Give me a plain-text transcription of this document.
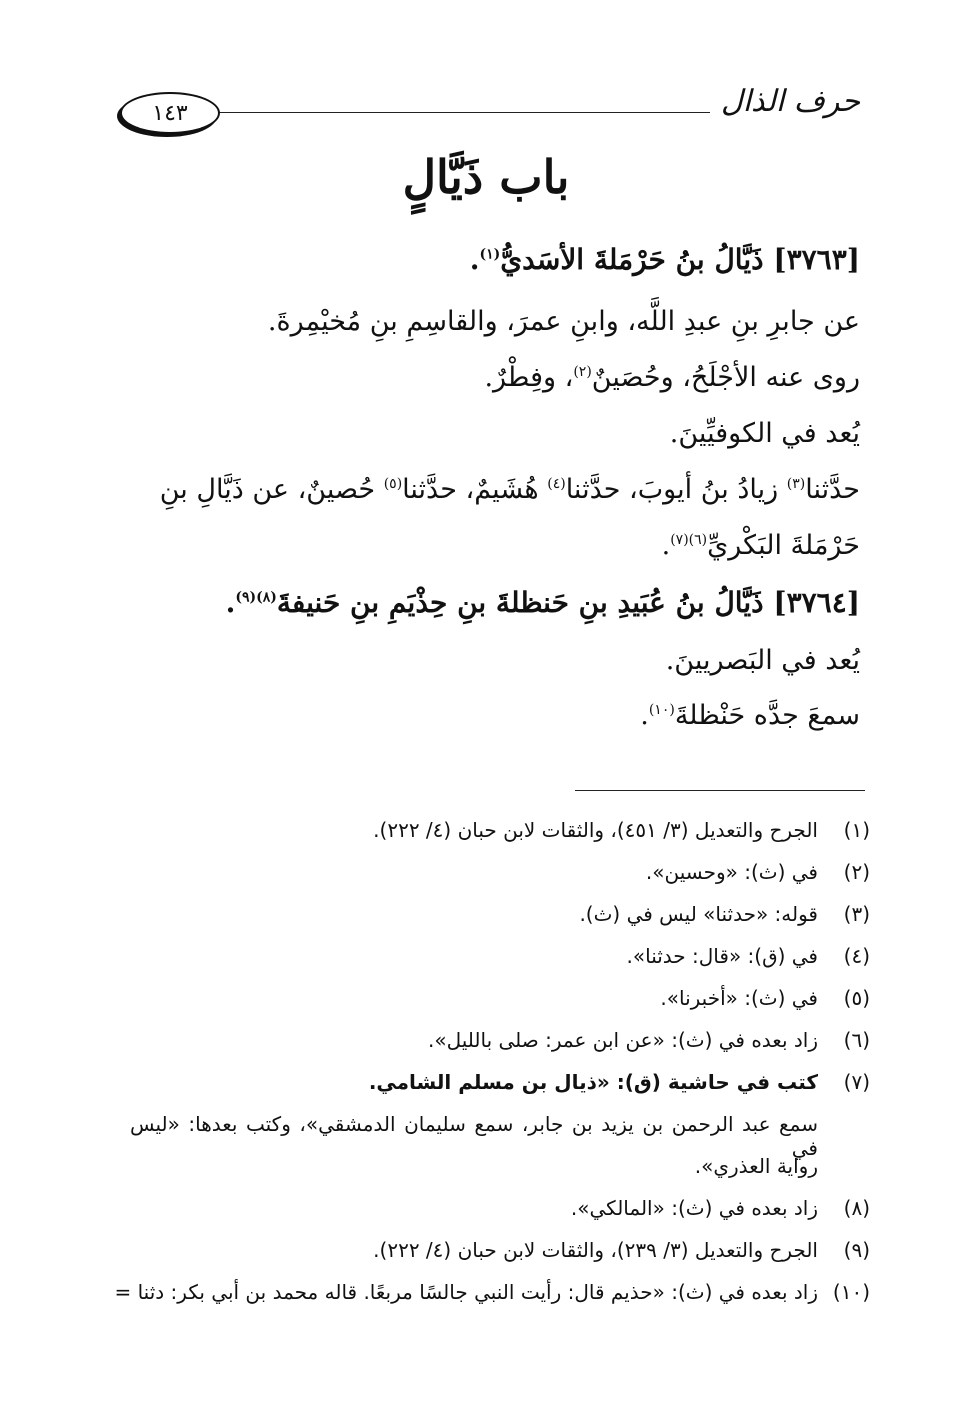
حرف الذال
١٤٣
باب ذَيَّالٍ
[٣٧٦٣] ذَيَّالُ بنُ حَرْمَلةَ الأسَديُّ$^{(١)}$.
عن جابرِ بنِ عبدِ اللَّه، وابنِ عمرَ، والقاسِمِ بنِ مُخيْمِرةَ.
روى عنه الأجْلَحُ، وحُصَينٌ$^{(٢)}$، وفِطْرٌ.
يُعد في الكوفيِّينَ.
حدَّثنا$^{(٣)}$ زيادُ بنُ أيوبَ، حدَّثنا$^{(٤)}$ هُشَيمٌ، حدَّثنا$^{(٥)}$ حُصينٌ، عن ذَيَّالِ بنِ
حَرْمَلةَ البَكْريِّ$^{(٦)(٧)}$.
[٣٧٦٤] ذَيَّالُ بنُ عُبَيدِ بنِ حَنظلةَ بنِ حِذْيَمِ بنِ حَنيفةَ$^{(٨)(٩)}$.
يُعد في البَصريينَ.
سمعَ جدَّه حَنْظلةَ$^{(١٠)}$.
(١)الجرح والتعديل (٣/ ٤٥١)، والثقات لابن حبان (٤/ ٢٢٢).
(٢)في (ث): «وحسين».
(٣)قوله: «حدثنا» ليس في (ث).
(٤)في (ق): «قال: حدثنا».
(٥)في (ث): «أخبرنا».
(٦)زاد بعده في (ث): «عن ابن عمر: صلى بالليل».
(٧)كتب في حاشية (ق): «ذيال بن مسلم الشامي.
سمع عبد الرحمن بن يزيد بن جابر، سمع سليمان الدمشقي»، وكتب بعدها: «ليس في
رواية العذري».
(٨)زاد بعده في (ث): «المالكي».
(٩)الجرح والتعديل (٣/ ٢٣٩)، والثقات لابن حبان (٤/ ٢٢٢).
(١٠)زاد بعده في (ث): «حذيم قال: رأيت النبي جالسًا مربعًا. قاله محمد بن أبي بكر: دثنا =
